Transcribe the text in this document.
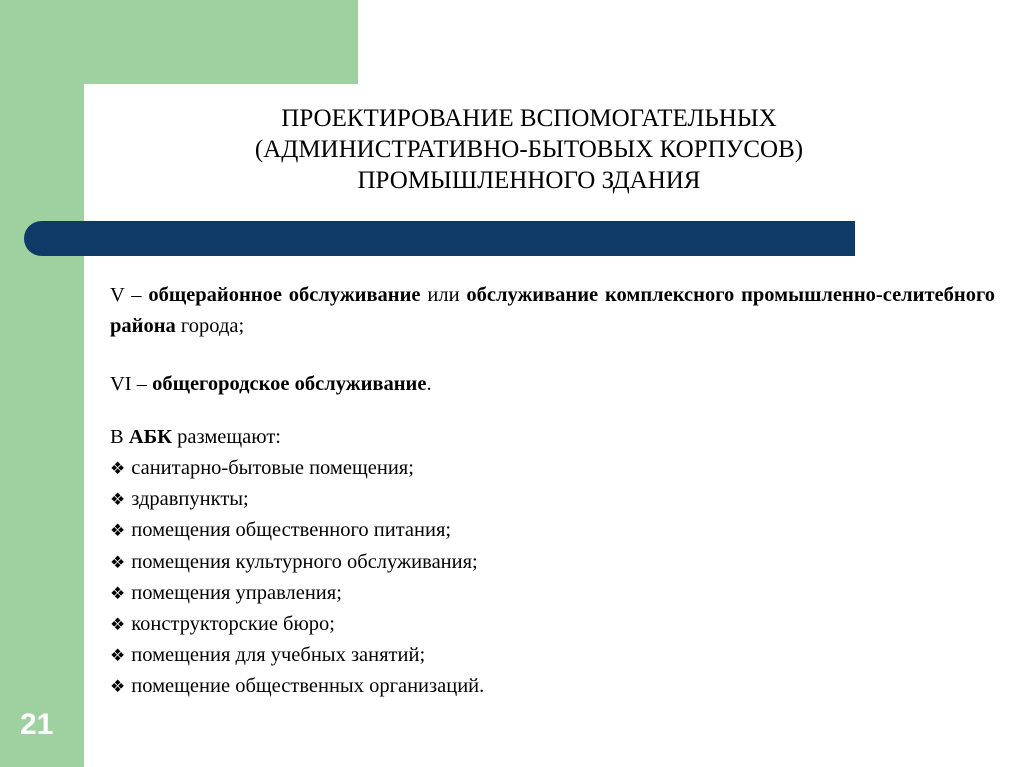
ПРОЕКТИРОВАНИЕ ВСПОМОГАТЕЛЬНЫХ
(АДМИНИСТРАТИВНО-БЫТОВЫХ КОРПУСОВ)
ПРОМЫШЛЕННОГО ЗДАНИЯ

V – общерайонное обслуживание или обслуживание комплексного промышленно-селитебного района города;

VI – общегородское обслуживание.

В АБК размещают:

❖ санитарно-бытовые помещения;
❖ здравпункты;
❖ помещения общественного питания;
❖ помещения культурного обслуживания;
❖ помещения управления;
❖ конструкторские бюро;
❖ помещения для учебных занятий;
❖ помещение общественных организаций.
21
